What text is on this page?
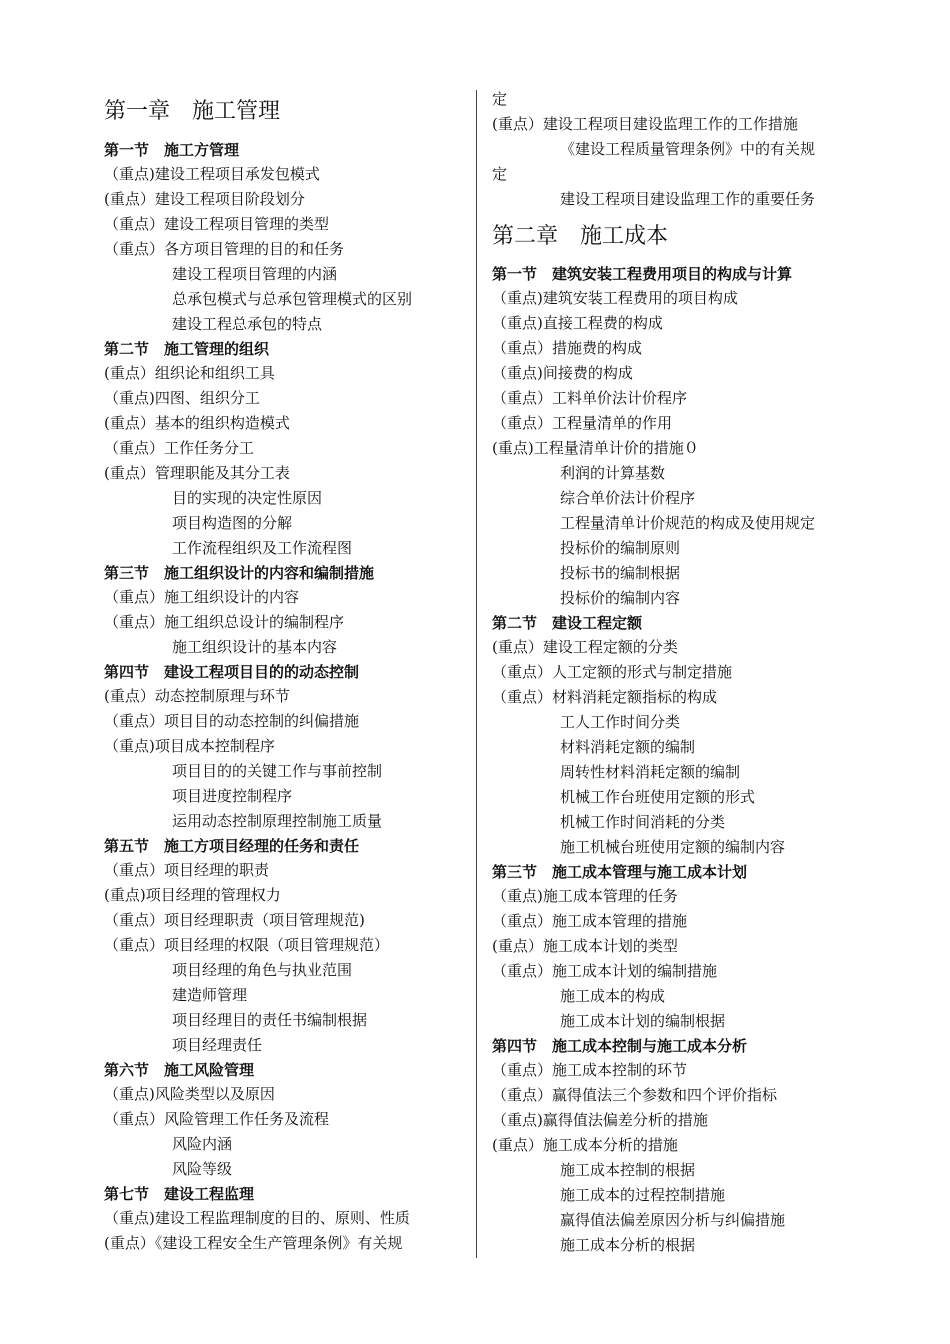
第一章　施工管理
第一节　施工方管理
（重点)建设工程项目承发包模式
(重点）建设工程项目阶段划分
（重点）建设工程项目管理的类型
（重点）各方项目管理的目的和任务
建设工程项目管理的内涵
总承包模式与总承包管理模式的区别
建设工程总承包的特点
第二节　施工管理的组织
(重点）组织论和组织工具
（重点)四图、组织分工
(重点）基本的组织构造模式
（重点）工作任务分工
(重点）管理职能及其分工表
目的实现的决定性原因
项目构造图的分解
工作流程组织及工作流程图
第三节　施工组织设计的内容和编制措施
（重点）施工组织设计的内容
（重点）施工组织总设计的编制程序
施工组织设计的基本内容
第四节　建设工程项目目的的动态控制
(重点）动态控制原理与环节
（重点）项目目的动态控制的纠偏措施
（重点)项目成本控制程序
项目目的的关键工作与事前控制
项目进度控制程序
运用动态控制原理控制施工质量
第五节　施工方项目经理的任务和责任
（重点）项目经理的职责
(重点)项目经理的管理权力
（重点）项目经理职责（项目管理规范)
（重点）项目经理的权限（项目管理规范）
项目经理的角色与执业范围
建造师管理
项目经理目的责任书编制根据
项目经理责任
第六节　施工风险管理
（重点)风险类型以及原因
（重点）风险管理工作任务及流程
风险内涵
风险等级
第七节　建设工程监理
（重点)建设工程监理制度的目的、原则、性质
(重点）《建设工程安全生产管理条例》有关规
定
(重点）建设工程项目建设监理工作的工作措施
《建设工程质量管理条例》中的有关规
定
建设工程项目建设监理工作的重要任务
第二章　施工成本
第一节　建筑安装工程费用项目的构成与计算
（重点)建筑安装工程费用的项目构成
（重点)直接工程费的构成
（重点）措施费的构成
（重点)间接费的构成
（重点）工料单价法计价程序
（重点）工程量清单的作用
(重点)工程量清单计价的措施０
利润的计算基数
综合单价法计价程序
工程量清单计价规范的构成及使用规定
投标价的编制原则
投标书的编制根据
投标价的编制内容
第二节　建设工程定额
(重点）建设工程定额的分类
（重点）人工定额的形式与制定措施
（重点）材料消耗定额指标的构成
工人工作时间分类
材料消耗定额的编制
周转性材料消耗定额的编制
机械工作台班使用定额的形式
机械工作时间消耗的分类
施工机械台班使用定额的编制内容
第三节　施工成本管理与施工成本计划
（重点)施工成本管理的任务
（重点）施工成本管理的措施
(重点）施工成本计划的类型
（重点）施工成本计划的编制措施
施工成本的构成
施工成本计划的编制根据
第四节　施工成本控制与施工成本分析
（重点）施工成本控制的环节
（重点）赢得值法三个参数和四个评价指标
（重点)赢得值法偏差分析的措施
(重点）施工成本分析的措施
施工成本控制的根据
施工成本的过程控制措施
赢得值法偏差原因分析与纠偏措施
施工成本分析的根据
